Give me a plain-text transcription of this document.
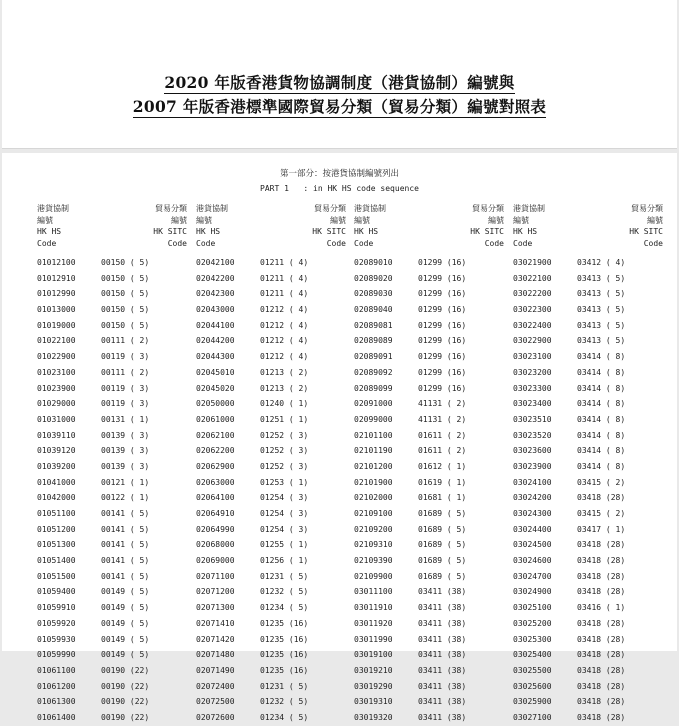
2020 年版香港貨物協調制度（港貨協制）編號與
2007 年版香港標準國際貿易分類（貿易分類）編號對照表
第一部分：按港貨協制編號列出
PART 1   : in HK HS code sequence
港貨協制	貿易分類
編號	編號
HK HS	HK SITC
Code	Code
01012100	00150 ( 5)
01012910	00150 ( 5)
01012990	00150 ( 5)
01013000	00150 ( 5)
01019000	00150 ( 5)
01022100	00111 ( 2)
01022900	00119 ( 3)
01023100	00111 ( 2)
01023900	00119 ( 3)
01029000	00119 ( 3)
01031000	00131 ( 1)
01039110	00139 ( 3)
01039120	00139 ( 3)
01039200	00139 ( 3)
01041000	00121 ( 1)
01042000	00122 ( 1)
01051100	00141 ( 5)
01051200	00141 ( 5)
01051300	00141 ( 5)
01051400	00141 ( 5)
01051500	00141 ( 5)
01059400	00149 ( 5)
01059910	00149 ( 5)
01059920	00149 ( 5)
01059930	00149 ( 5)
01059990	00149 ( 5)
01061100	00190 (22)
01061200	00190 (22)
01061300	00190 (22)
01061400	00190 (22)
港貨協制	貿易分類
編號	編號
HK HS	HK SITC
Code	Code
02042100	01211 ( 4)
02042200	01211 ( 4)
02042300	01211 ( 4)
02043000	01212 ( 4)
02044100	01212 ( 4)
02044200	01212 ( 4)
02044300	01212 ( 4)
02045010	01213 ( 2)
02045020	01213 ( 2)
02050000	01240 ( 1)
02061000	01251 ( 1)
02062100	01252 ( 3)
02062200	01252 ( 3)
02062900	01252 ( 3)
02063000	01253 ( 1)
02064100	01254 ( 3)
02064910	01254 ( 3)
02064990	01254 ( 3)
02068000	01255 ( 1)
02069000	01256 ( 1)
02071100	01231 ( 5)
02071200	01232 ( 5)
02071300	01234 ( 5)
02071410	01235 (16)
02071420	01235 (16)
02071480	01235 (16)
02071490	01235 (16)
02072400	01231 ( 5)
02072500	01232 ( 5)
02072600	01234 ( 5)
港貨協制	貿易分類
編號	編號
HK HS	HK SITC
Code	Code
02089010	01299 (16)
02089020	01299 (16)
02089030	01299 (16)
02089040	01299 (16)
02089081	01299 (16)
02089089	01299 (16)
02089091	01299 (16)
02089092	01299 (16)
02089099	01299 (16)
02091000	41131 ( 2)
02099000	41131 ( 2)
02101100	01611 ( 2)
02101190	01611 ( 2)
02101200	01612 ( 1)
02101900	01619 ( 1)
02102000	01681 ( 1)
02109100	01689 ( 5)
02109200	01689 ( 5)
02109310	01689 ( 5)
02109390	01689 ( 5)
02109900	01689 ( 5)
03011100	03411 (38)
03011910	03411 (38)
03011920	03411 (38)
03011990	03411 (38)
03019100	03411 (38)
03019210	03411 (38)
03019290	03411 (38)
03019310	03411 (38)
03019320	03411 (38)
港貨協制	貿易分類
編號	編號
HK HS	HK SITC
Code	Code
03021900	03412 ( 4)
03022100	03413 ( 5)
03022200	03413 ( 5)
03022300	03413 ( 5)
03022400	03413 ( 5)
03022900	03413 ( 5)
03023100	03414 ( 8)
03023200	03414 ( 8)
03023300	03414 ( 8)
03023400	03414 ( 8)
03023510	03414 ( 8)
03023520	03414 ( 8)
03023600	03414 ( 8)
03023900	03414 ( 8)
03024100	03415 ( 2)
03024200	03418 (28)
03024300	03415 ( 2)
03024400	03417 ( 1)
03024500	03418 (28)
03024600	03418 (28)
03024700	03418 (28)
03024900	03418 (28)
03025100	03416 ( 1)
03025200	03418 (28)
03025300	03418 (28)
03025400	03418 (28)
03025500	03418 (28)
03025600	03418 (28)
03025900	03418 (28)
03027100	03418 (28)
